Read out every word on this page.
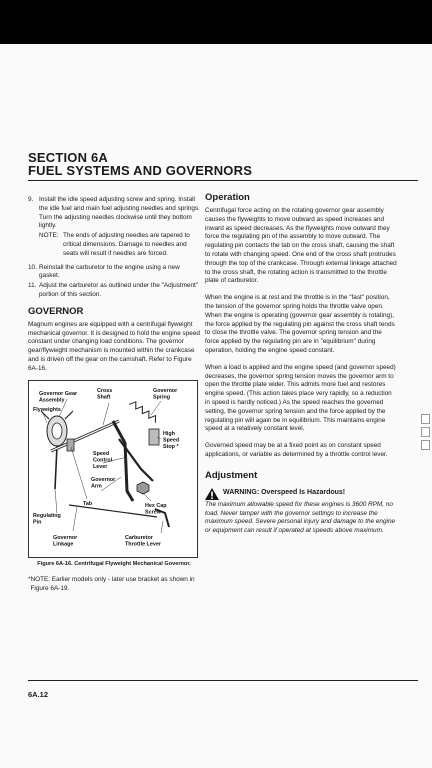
SECTION 6A
FUEL SYSTEMS AND GOVERNORS
9. Install the idle speed adjusting screw and spring. Install the idle fuel and main fuel adjusting needles and springs. Turn the adjusting needles clockwise until they bottom lightly.

NOTE: The ends of adjusting needles are tapered to critical dimensions. Damage to needles and seats will result if needles are forced.

10. Reinstall the carburetor to the engine using a new gasket.

11. Adjust the carburetor as outlined under the "Adjustment" portion of this section.

GOVERNOR

Magnum engines are equipped with a centrifugal flyweight mechanical governor. It is designed to hold the engine speed constant under changing load conditions. The governor gear/flyweight mechanism is mounted within the crankcase and is driven off the gear on the camshaft. Refer to Figure 6A-16.

Governor Gear Assembly
Cross Shaft
Governor Spring
Flyweights
High Speed Stop *
Speed Control Lever
Governor Arm
Tab	Hex Cap Screw
Regulating Pin
Governor Linkage
Carburetor Throttle Lever
Figure 6A-16. Centrifugal Flyweight Mechanical Governor.
* NOTE: Earlier models only - later use bracket as shown in Figure 6A-19.

Operation

Centrifugal force acting on the rotating governor gear assembly causes the flyweights to move outward as speed increases and inward as speed decreases. As the flyweights move outward they force the regulating pin of the assembly to move outward. The regulating pin contacts the tab on the cross shaft, causing the shaft to rotate with changing speed. One end of the cross shaft protrudes through the top of the crankcase. Through external linkage attached to the cross shaft, the rotating action is transmitted to the throttle plate of carburetor.

When the engine is at rest and the throttle is in the "fast" position, the tension of the governor spring holds the throttle valve open. When the engine is operating (governor gear assembly is rotating), the force applied by the regulating pin against the cross shaft tends to close the throttle valve. The governor spring tension and the force applied by the regulating pin are in "equilibrium" during operation, holding the engine speed constant.

When a load is applied and the engine speed (and governor speed) decreases, the governor spring tension moves the governor arm to open the throttle plate wider. This admits more fuel and restores engine speed. (This action takes place very rapidly, so a reduction in speed is hardly noticed.) As the speed reaches the governed setting, the governor spring tension and the force applied by the regulating pin will again be in equilibrium. This maintains engine speed at a relatively constant level.

Governed speed may be at a fixed point as on constant speed applications, or variable as determined by a throttle control lever.

Adjustment
WARNING: Overspeed Is Hazardous!

The maximum allowable speed for these engines is 3600 RPM, no load. Never tamper with the governor settings to increase the maximum speed. Severe personal injury and damage to the engine or equipment can result if operated at speeds above maximum.

6A.12
